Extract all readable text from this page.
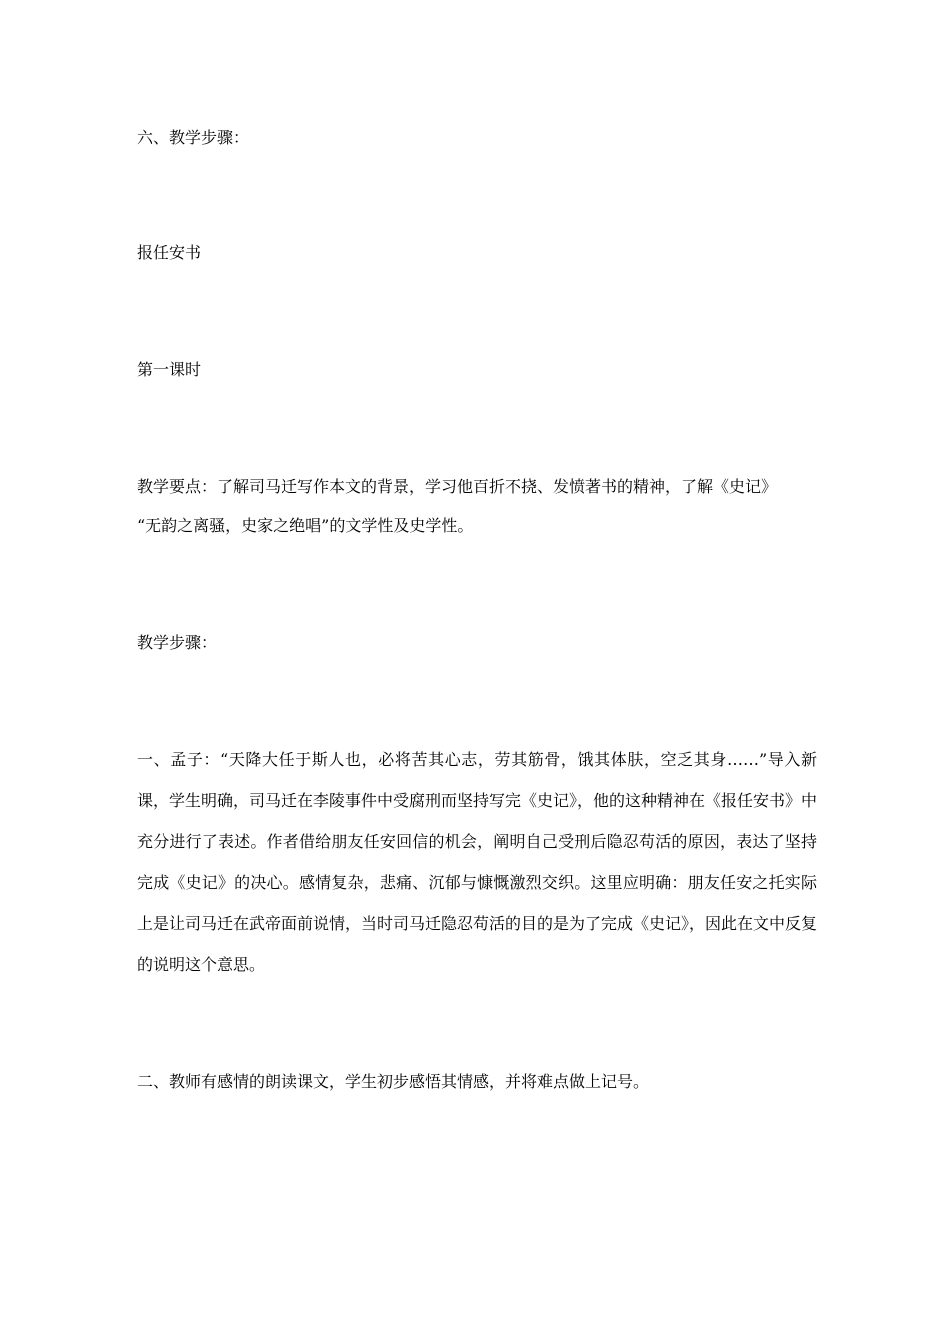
六、教学步骤：
报任安书
第一课时
教学要点：了解司马迁写作本文的背景，学习他百折不挠、发愤著书的精神，了解《史记》
“无韵之离骚，史家之绝唱”的文学性及史学性。
教学步骤：
一、孟子：“天降大任于斯人也，必将苦其心志，劳其筋骨，饿其体肤，空乏其身……”导入新课，学生明确，司马迁在李陵事件中受腐刑而坚持写完《史记》，他的这种精神在《报任安书》中充分进行了表述。作者借给朋友任安回信的机会，阐明自己受刑后隐忍苟活的原因，表达了坚持完成《史记》的决心。感情复杂，悲痛、沉郁与慷慨激烈交织。这里应明确：朋友任安之托实际上是让司马迁在武帝面前说情，当时司马迁隐忍苟活的目的是为了完成《史记》，因此在文中反复的说明这个意思。
二、教师有感情的朗读课文，学生初步感悟其情感，并将难点做上记号。
